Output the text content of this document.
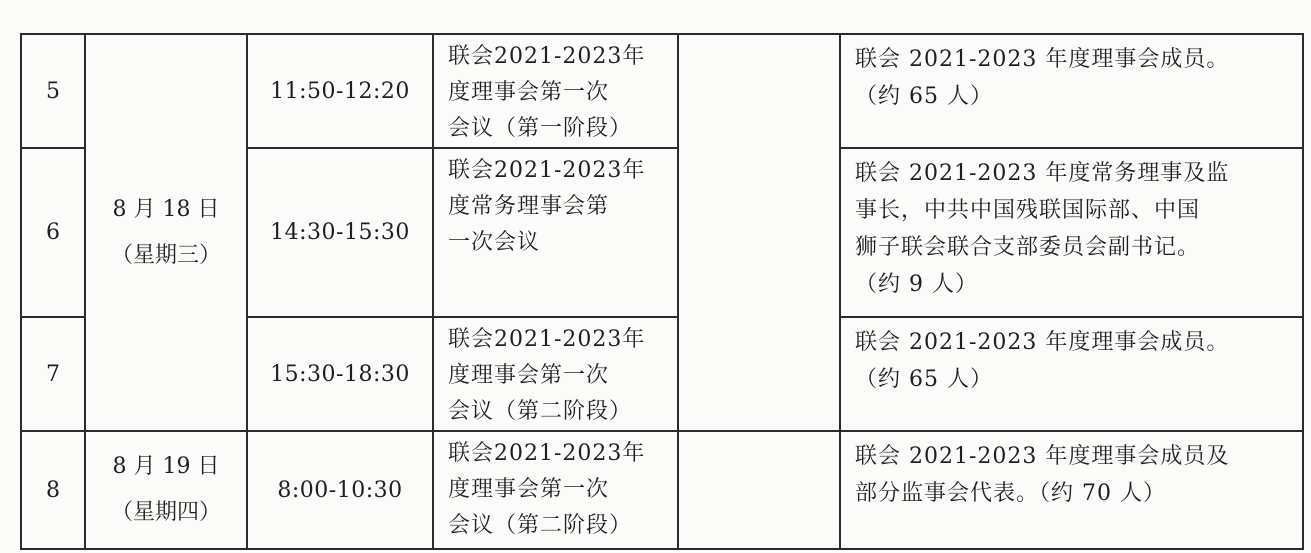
5	8 月 18 日
（星期三）	11:50-12:20	联会2021-2023年
度理事会第一次
会议（第一阶段）		联会 2021-2023 年度理事会成员。
（约 65 人）
6		14:30-15:30	联会2021-2023年
度常务理事会第
一次会议		联会 2021-2023 年度常务理事及监
事长，中共中国残联国际部、中国
狮子联会联合支部委员会副书记。
（约 9 人）
7		15:30-18:30	联会2021-2023年
度理事会第一次
会议（第二阶段）		联会 2021-2023 年度理事会成员。
（约 65 人）
8	8 月 19 日
（星期四）	8:00-10:30	联会2021-2023年
度理事会第一次
会议（第二阶段）		联会 2021-2023 年度理事会成员及
部分监事会代表。（约 70 人）
